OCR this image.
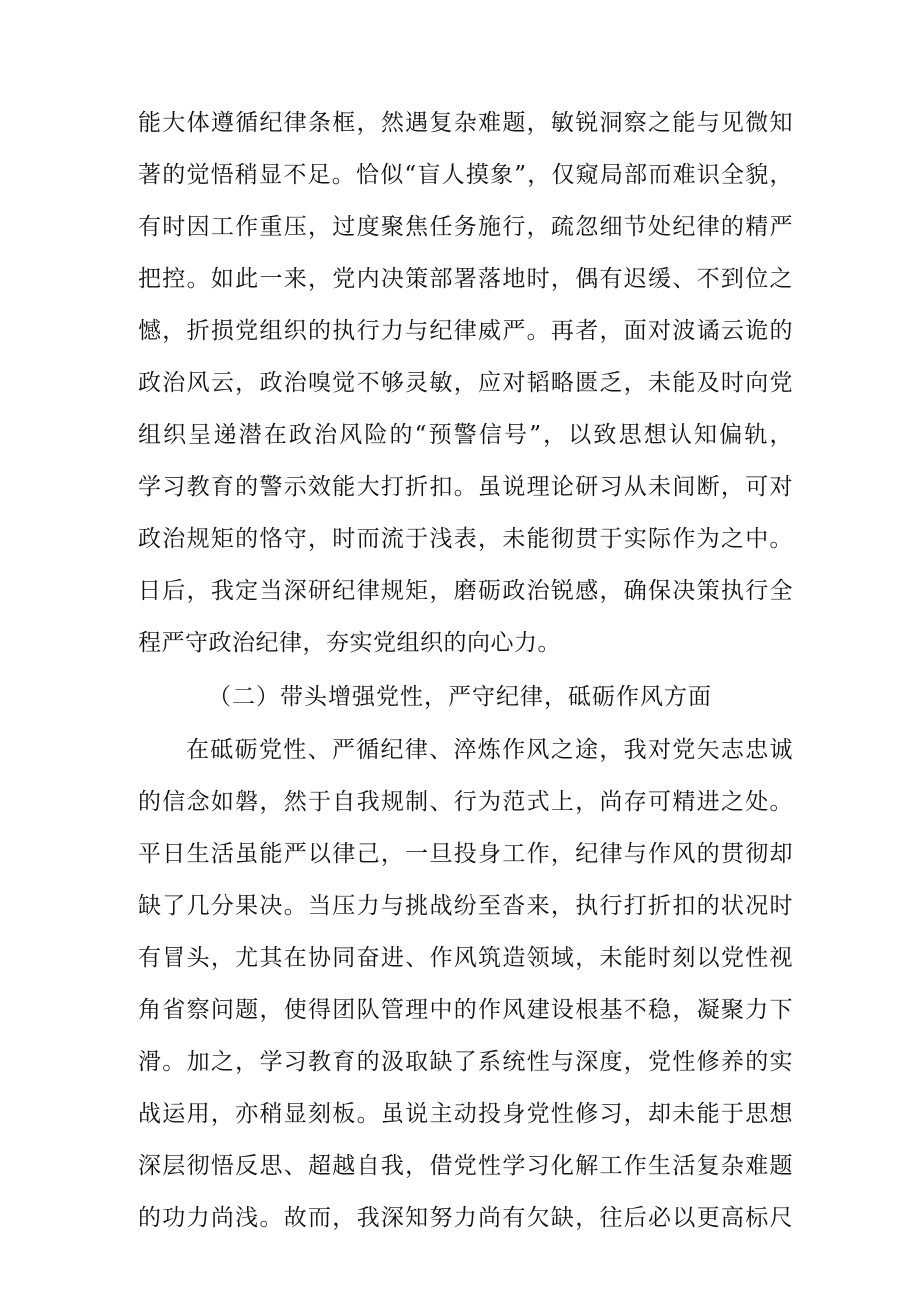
能大体遵循纪律条框，然遇复杂难题，敏锐洞察之能与见微知
著的觉悟稍显不足。恰似“盲人摸象”，仅窥局部而难识全貌，
有时因工作重压，过度聚焦任务施行，疏忽细节处纪律的精严
把控。如此一来，党内决策部署落地时，偶有迟缓、不到位之
憾，折损党组织的执行力与纪律威严。再者，面对波谲云诡的
政治风云，政治嗅觉不够灵敏，应对韬略匮乏，未能及时向党
组织呈递潜在政治风险的“预警信号”，以致思想认知偏轨，
学习教育的警示效能大打折扣。虽说理论研习从未间断，可对
政治规矩的恪守，时而流于浅表，未能彻贯于实际作为之中。
日后，我定当深研纪律规矩，磨砺政治锐感，确保决策执行全
程严守政治纪律，夯实党组织的向心力。
（二）带头增强党性，严守纪律，砥砺作风方面
在砥砺党性、严循纪律、淬炼作风之途，我对党矢志忠诚
的信念如磐，然于自我规制、行为范式上，尚存可精进之处。
平日生活虽能严以律己，一旦投身工作，纪律与作风的贯彻却
缺了几分果决。当压力与挑战纷至沓来，执行打折扣的状况时
有冒头，尤其在协同奋进、作风筑造领域，未能时刻以党性视
角省察问题，使得团队管理中的作风建设根基不稳，凝聚力下
滑。加之，学习教育的汲取缺了系统性与深度，党性修养的实
战运用，亦稍显刻板。虽说主动投身党性修习，却未能于思想
深层彻悟反思、超越自我，借党性学习化解工作生活复杂难题
的功力尚浅。故而，我深知努力尚有欠缺，往后必以更高标尺
